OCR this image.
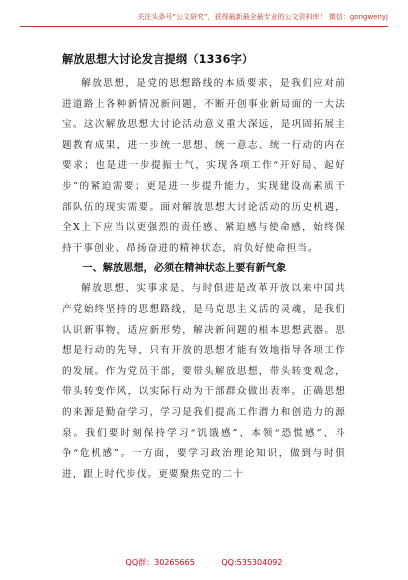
关注头条号“公文研究”，获得最新最全最专业的公文资料库！ 微信：gongwenyj
解放思想大讨论发言提纲（1336字）

解放思想，是党的思想路线的本质要求，是我们应对前进道路上各种新情况新问题，不断开创事业新局面的一大法宝。这次解放思想大讨论活动意义重大深远，是巩固拓展主题教育成果，进一步统一思想、统一意志、统一行动的内在要求；也是进一步提振士气，实现各项工作“开好局、起好步”的紧迫需要；更是进一步提升能力，实现建设高素质干部队伍的现实需要。面对解放思想大讨论活动的历史机遇，全X上下应当以更强烈的责任感、紧迫感与使命感，始终保持干事创业、昂扬奋进的精神状态，肩负好使命担当。

一、解放思想，必须在精神状态上要有新气象

解放思想、实事求是、与时俱进是改革开放以来中国共产党始终坚持的思想路线，是马克思主义活的灵魂，是我们认识新事物，适应新形势，解决新问题的根本思想武器。思想是行动的先导，只有开放的思想才能有效地指导各项工作的发展。作为党员干部，要带头解放思想，带头转变观念，带头转变作风，以实际行动为干部群众做出表率。正确思想的来源是勤奋学习，学习是我们提高工作潜力和创造力的源泉。我们要时刻保持学习“饥饿感”、本领“恐慌感”、斗争“危机感”。一方面，要学习政治理论知识，做到与时俱进，跟上时代步伐。更要聚焦党的二十

QQ群：30265665	QQ:535304092
